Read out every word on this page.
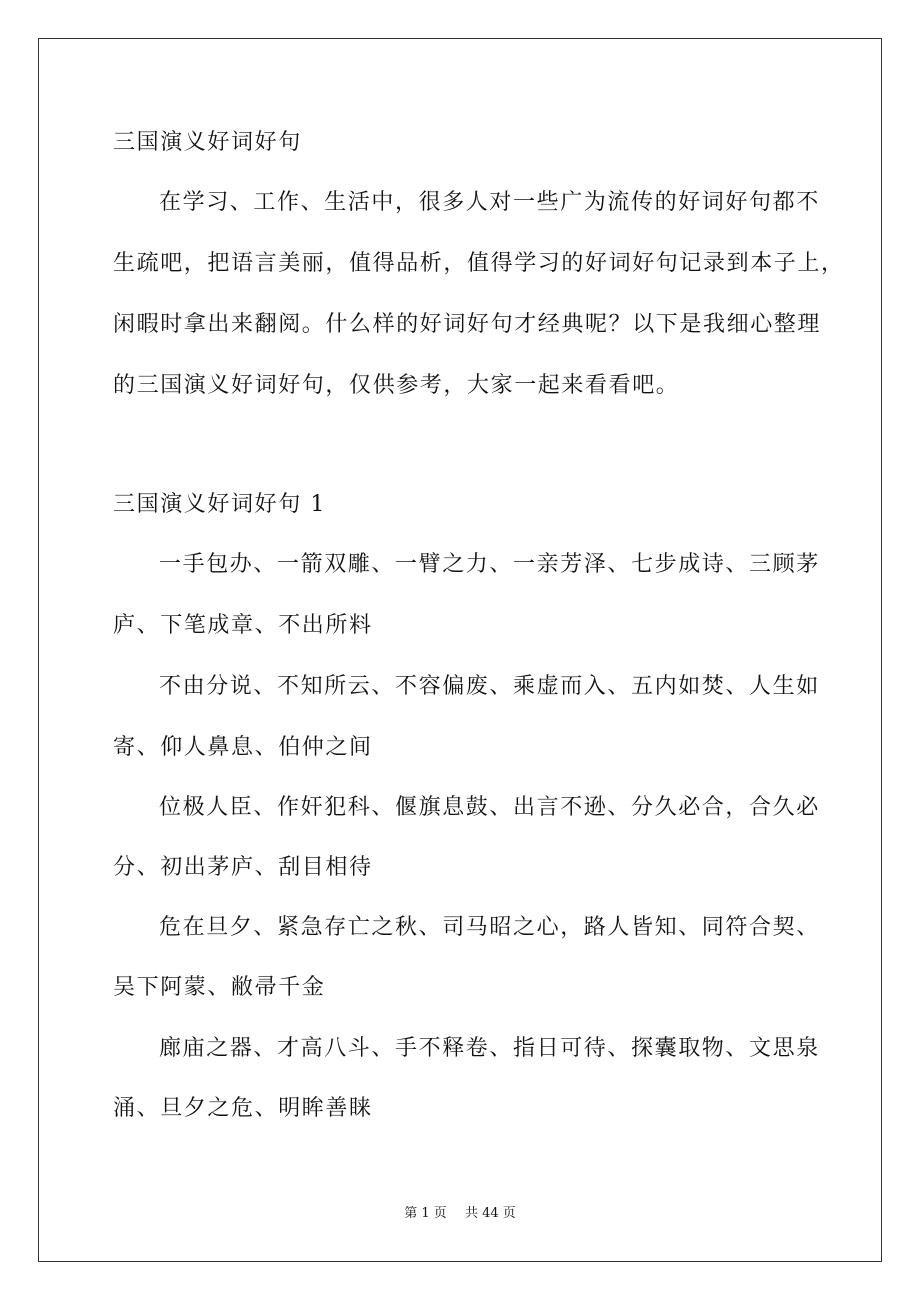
三国演义好词好句
在学习、工作、生活中，很多人对一些广为流传的好词好句都不
生疏吧，把语言美丽，值得品析，值得学习的好词好句记录到本子上，
闲暇时拿出来翻阅。什么样的好词好句才经典呢？以下是我细心整理
的三国演义好词好句，仅供参考，大家一起来看看吧。
三国演义好词好句 1
一手包办、一箭双雕、一臂之力、一亲芳泽、七步成诗、三顾茅
庐、下笔成章、不出所料
不由分说、不知所云、不容偏废、乘虚而入、五内如焚、人生如
寄、仰人鼻息、伯仲之间
位极人臣、作奸犯科、偃旗息鼓、出言不逊、分久必合，合久必
分、初出茅庐、刮目相待
危在旦夕、紧急存亡之秋、司马昭之心，路人皆知、同符合契、
吴下阿蒙、敝帚千金
廊庙之器、才高八斗、手不释卷、指日可待、探囊取物、文思泉
涌、旦夕之危、明眸善睐
第 1 页 共 44 页
